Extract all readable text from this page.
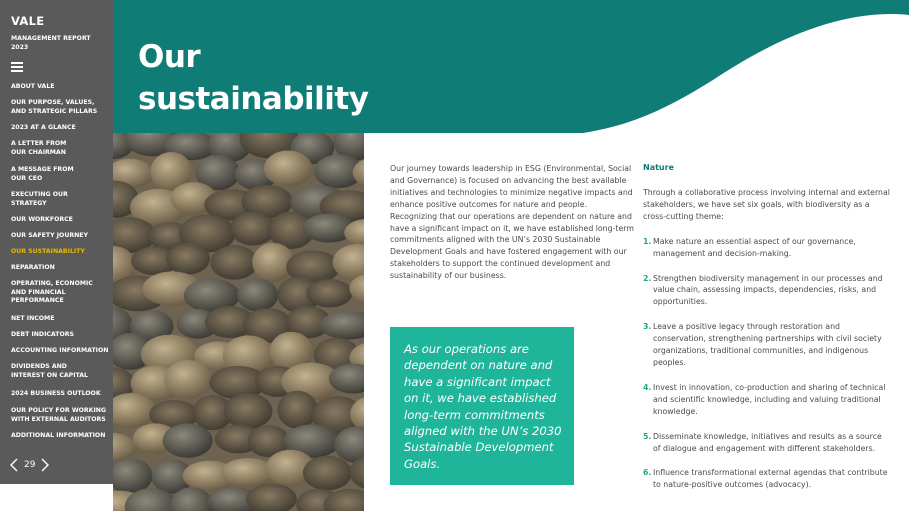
Our
sustainability
VALE
MANAGEMENT REPORT 2023
ABOUT VALE
OUR PURPOSE, VALUES, AND STRATEGIC PILLARS
2023 AT A GLANCE
A LETTER FROM OUR CHAIRMAN
A MESSAGE FROM OUR CEO
EXECUTING OUR STRATEGY
OUR WORKFORCE
OUR SAFETY JOURNEY
OUR SUSTAINABILITY
REPARATION
OPERATING, ECONOMIC AND FINANCIAL PERFORMANCE
NET INCOME
DEBT INDICATORS
ACCOUNTING INFORMATION
DIVIDENDS AND INTEREST ON CAPITAL
2024 BUSINESS OUTLOOK
OUR POLICY FOR WORKING WITH EXTERNAL AUDITORS
ADDITIONAL INFORMATION
29

Our journey towards leadership in ESG (Environmental, Social and Governance) is focused on advancing the best available initiatives and technologies to minimize negative impacts and enhance positive outcomes for nature and people. Recognizing that our operations are dependent on nature and have a significant impact on it, we have established long-term commitments aligned with the UN’s 2030 Sustainable Development Goals and have fostered engagement with our stakeholders to support the continued development and sustainability of our business.

As our operations are dependent on nature and have a significant impact on it, we have established long-term commitments aligned with the UN’s 2030 Sustainable Development Goals.
Nature

Through a collaborative process involving internal and external stakeholders, we have set six goals, with biodiversity as a cross-cutting theme:

1. Make nature an essential aspect of our governance, management and decision-making.
2. Strengthen biodiversity management in our processes and value chain, assessing impacts, dependencies, risks, and opportunities.
3. Leave a positive legacy through restoration and conservation, strengthening partnerships with civil society organizations, traditional communities, and indigenous peoples.
4. Invest in innovation, co-production and sharing of technical and scientific knowledge, including and valuing traditional knowledge.
5. Disseminate knowledge, initiatives and results as a source of dialogue and engagement with different stakeholders.
6. Influence transformational external agendas that contribute to nature-positive outcomes (advocacy).
